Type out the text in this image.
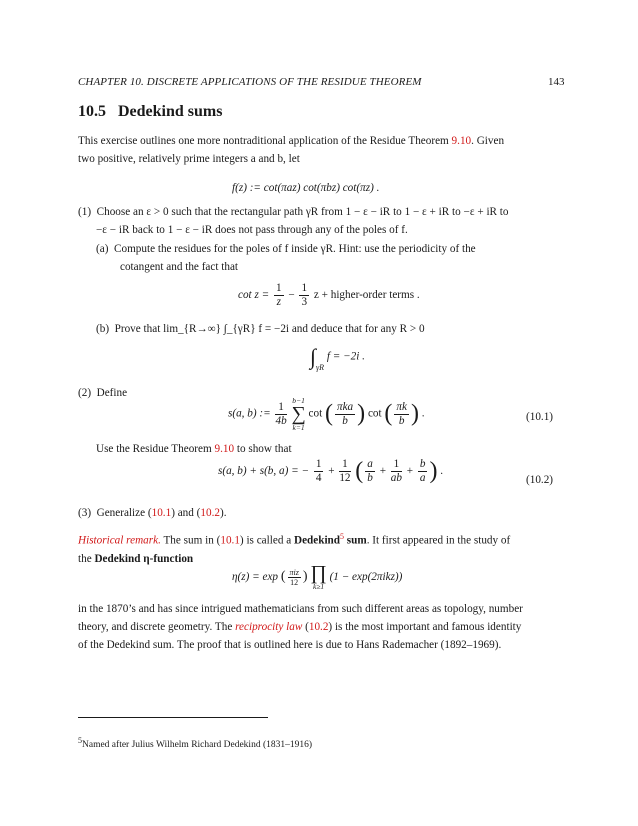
CHAPTER 10. DISCRETE APPLICATIONS OF THE RESIDUE THEOREM	143
10.5 Dedekind sums
This exercise outlines one more nontraditional application of the Residue Theorem 9.10. Given
two positive, relatively prime integers a and b, let
f(z) := cot(πaz) cot(πbz) cot(πz) .
(1) Choose an ε > 0 such that the rectangular path γR from 1 − ε − iR to 1 − ε + iR to −ε + iR to
−ε − iR back to 1 − ε − iR does not pass through any of the poles of f.
(a) Compute the residues for the poles of f inside γR. Hint: use the periodicity of the
cotangent and the fact that
$\cot z = \frac{1}{z} - \frac{1}{3}$ z + higher-order terms .
(b) Prove that lim_{R→∞} ∫_{γR} f = −2i and deduce that for any R > 0
$\int_{\gamma R}$ f = −2i .
(2) Define
s(a, b) := $\frac{1}{4b}$
b−1
∑
k=1
cot ( $\frac{\text{πka}}{b}$ ) cot ( $\frac{\pi k}{b}$ ) .	(10.1)
Use the Residue Theorem 9.10 to show that
s(a, b) + s(b, a) = − $\frac{1}{4} + \frac{1}{12}$ ( $\frac{a}{b} + \frac{1}{ab} + \frac{b}{a}$ ) .
(10.2)
(3) Generalize (10.1) and (10.2).
Historical remark. The sum in (10.1) is called a Dedekind$^5$ sum. It first appeared in the study of
the Dedekind η-function
η(z) = exp ( $\frac{\text{πiz}}{12}$ ) ∏
k≥1
(1 − exp(2πikz))
in the 1870’s and has since intrigued mathematicians from such different areas as topology, number
theory, and discrete geometry. The reciprocity law (10.2) is the most important and famous identity
of the Dedekind sum. The proof that is outlined here is due to Hans Rademacher (1892–1969).
$^5$Named after Julius Wilhelm Richard Dedekind (1831–1916)
